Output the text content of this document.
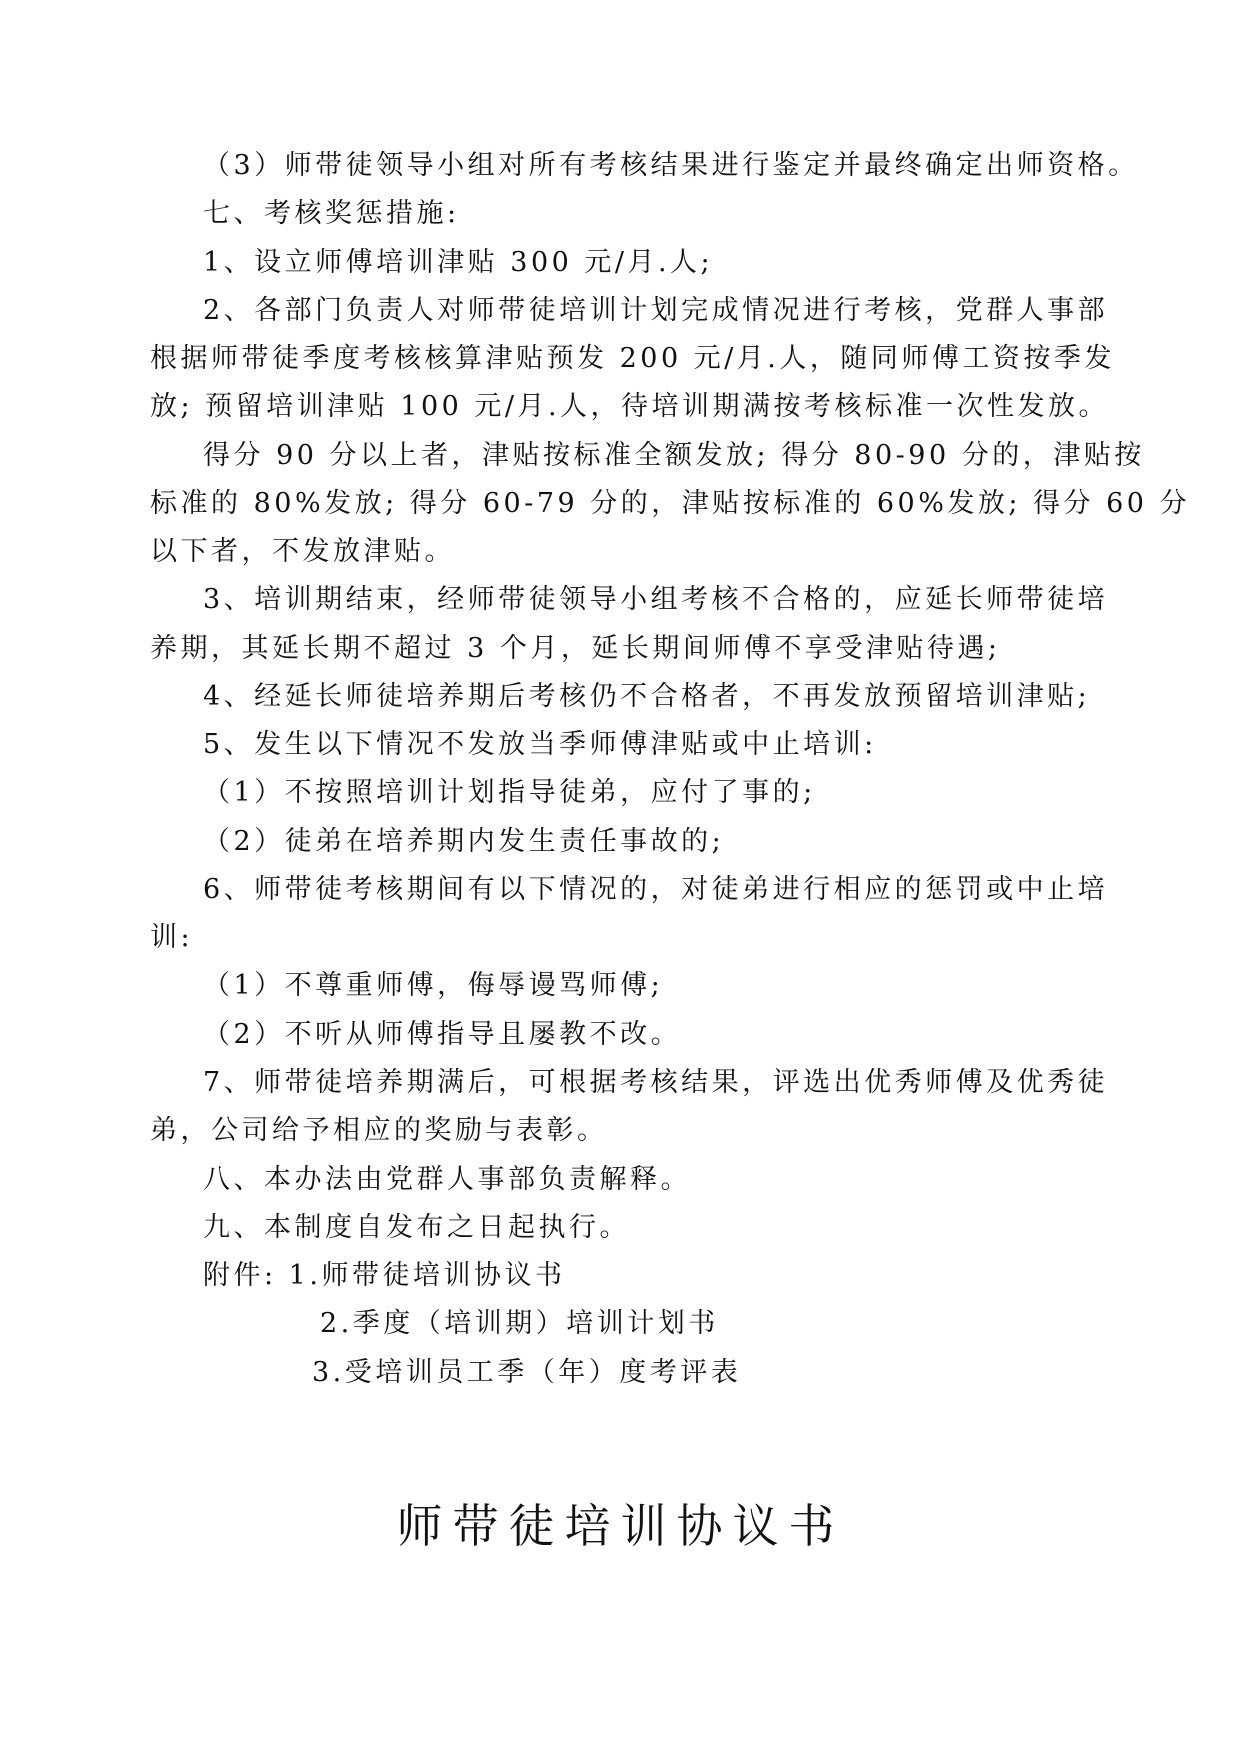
（3）师带徒领导小组对所有考核结果进行鉴定并最终确定出师资格。
七、考核奖惩措施:
1、设立师傅培训津贴 300 元/月.人;
2、各部门负责人对师带徒培训计划完成情况进行考核，党群人事部
根据师带徒季度考核核算津贴预发 200 元/月.人，随同师傅工资按季发
放; 预留培训津贴 100 元/月.人，待培训期满按考核标准一次性发放。
得分 90 分以上者，津贴按标准全额发放; 得分 80-90 分的，津贴按
标准的 80%发放; 得分 60-79 分的，津贴按标准的 60%发放; 得分 60 分
以下者，不发放津贴。
3、培训期结束，经师带徒领导小组考核不合格的，应延长师带徒培
养期，其延长期不超过 3 个月，延长期间师傅不享受津贴待遇;
4、经延长师徒培养期后考核仍不合格者，不再发放预留培训津贴;
5、发生以下情况不发放当季师傅津贴或中止培训:
（1）不按照培训计划指导徒弟，应付了事的;
（2）徒弟在培养期内发生责任事故的;
6、师带徒考核期间有以下情况的，对徒弟进行相应的惩罚或中止培
训:
（1）不尊重师傅，侮辱谩骂师傅;
（2）不听从师傅指导且屡教不改。
7、师带徒培养期满后，可根据考核结果，评选出优秀师傅及优秀徒
弟，公司给予相应的奖励与表彰。
八、本办法由党群人事部负责解释。
九、本制度自发布之日起执行。
附件: 1.师带徒培训协议书
2.季度（培训期）培训计划书
3.受培训员工季（年）度考评表
师带徒培训协议书
